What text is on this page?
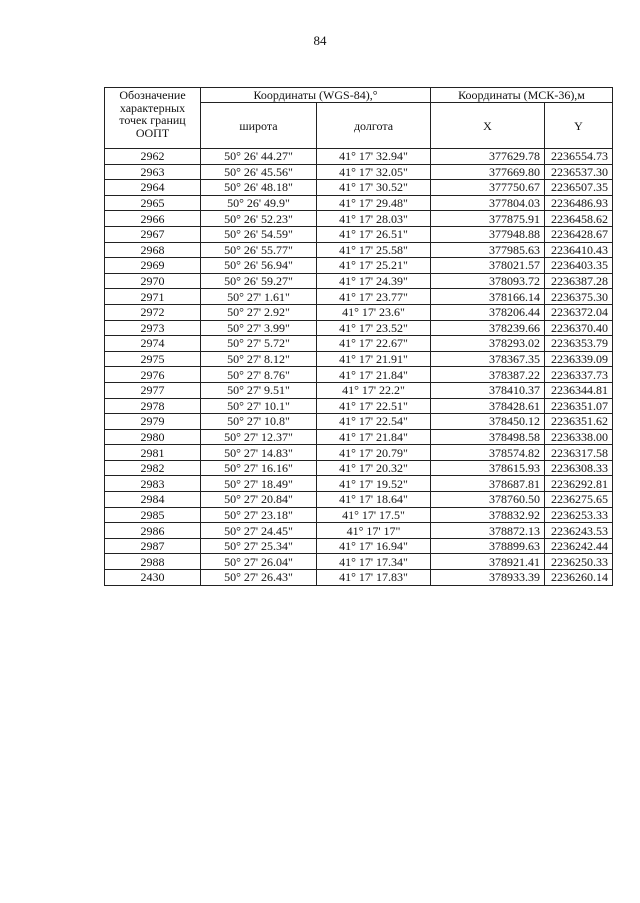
84
Обозначение характерных точек границ ООПТ	Координаты (WGS-84),°		Координаты (МСК-36),м	
	широта	долгота	X	Y
2962	50° 26' 44.27"	41° 17' 32.94"	377629.78	2236554.73
2963	50° 26' 45.56"	41° 17' 32.05"	377669.80	2236537.30
2964	50° 26' 48.18"	41° 17' 30.52"	377750.67	2236507.35
2965	50° 26' 49.9"	41° 17' 29.48"	377804.03	2236486.93
2966	50° 26' 52.23"	41° 17' 28.03"	377875.91	2236458.62
2967	50° 26' 54.59"	41° 17' 26.51"	377948.88	2236428.67
2968	50° 26' 55.77"	41° 17' 25.58"	377985.63	2236410.43
2969	50° 26' 56.94"	41° 17' 25.21"	378021.57	2236403.35
2970	50° 26' 59.27"	41° 17' 24.39"	378093.72	2236387.28
2971	50° 27' 1.61"	41° 17' 23.77"	378166.14	2236375.30
2972	50° 27' 2.92"	41° 17' 23.6"	378206.44	2236372.04
2973	50° 27' 3.99"	41° 17' 23.52"	378239.66	2236370.40
2974	50° 27' 5.72"	41° 17' 22.67"	378293.02	2236353.79
2975	50° 27' 8.12"	41° 17' 21.91"	378367.35	2236339.09
2976	50° 27' 8.76"	41° 17' 21.84"	378387.22	2236337.73
2977	50° 27' 9.51"	41° 17' 22.2"	378410.37	2236344.81
2978	50° 27' 10.1"	41° 17' 22.51"	378428.61	2236351.07
2979	50° 27' 10.8"	41° 17' 22.54"	378450.12	2236351.62
2980	50° 27' 12.37"	41° 17' 21.84"	378498.58	2236338.00
2981	50° 27' 14.83"	41° 17' 20.79"	378574.82	2236317.58
2982	50° 27' 16.16"	41° 17' 20.32"	378615.93	2236308.33
2983	50° 27' 18.49"	41° 17' 19.52"	378687.81	2236292.81
2984	50° 27' 20.84"	41° 17' 18.64"	378760.50	2236275.65
2985	50° 27' 23.18"	41° 17' 17.5"	378832.92	2236253.33
2986	50° 27' 24.45"	41° 17' 17"	378872.13	2236243.53
2987	50° 27' 25.34"	41° 17' 16.94"	378899.63	2236242.44
2988	50° 27' 26.04"	41° 17' 17.34"	378921.41	2236250.33
2430	50° 27' 26.43"	41° 17' 17.83"	378933.39	2236260.14
